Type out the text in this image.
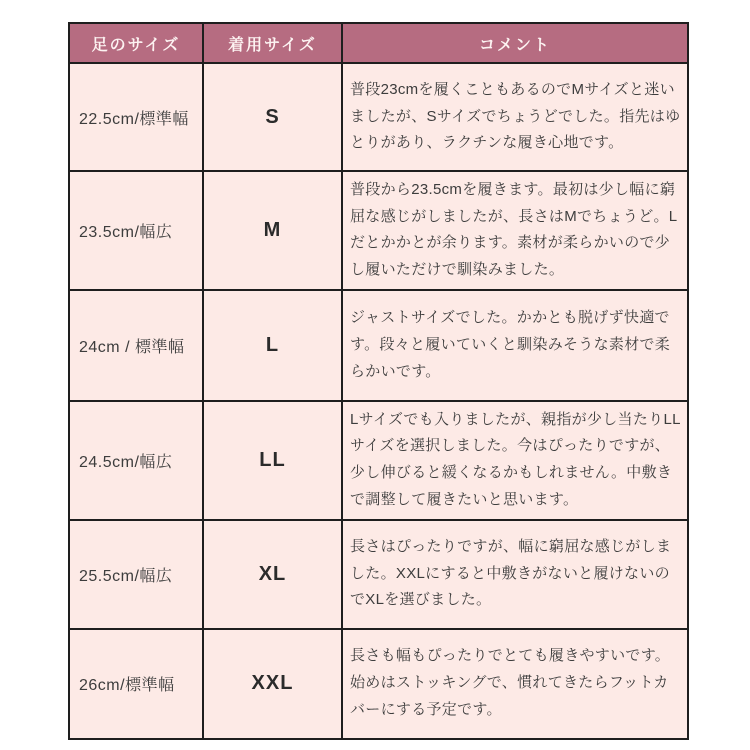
足のサイズ	着用サイズ	コメント
22.5cm/標準幅	S	普段23cmを履くこともあるのでMサイズと迷いましたが、Sサイズでちょうどでした。指先はゆとりがあり、ラクチンな履き心地です。
23.5cm/幅広	M	普段から23.5cmを履きます。最初は少し幅に窮屈な感じがしましたが、長さはMでちょうど。Lだとかかとが余ります。素材が柔らかいので少し履いただけで馴染みました。
24cm / 標準幅	L	ジャストサイズでした。かかとも脱げず快適です。段々と履いていくと馴染みそうな素材で柔らかいです。
24.5cm/幅広	LL	Lサイズでも入りましたが、親指が少し当たりLLサイズを選択しました。今はぴったりですが、少し伸びると緩くなるかもしれません。中敷きで調整して履きたいと思います。
25.5cm/幅広	XL	長さはぴったりですが、幅に窮屈な感じがしました。XXLにすると中敷きがないと履けないのでXLを選びました。
26cm/標準幅	XXL	長さも幅もぴったりでとても履きやすいです。始めはストッキングで、慣れてきたらフットカバーにする予定です。
